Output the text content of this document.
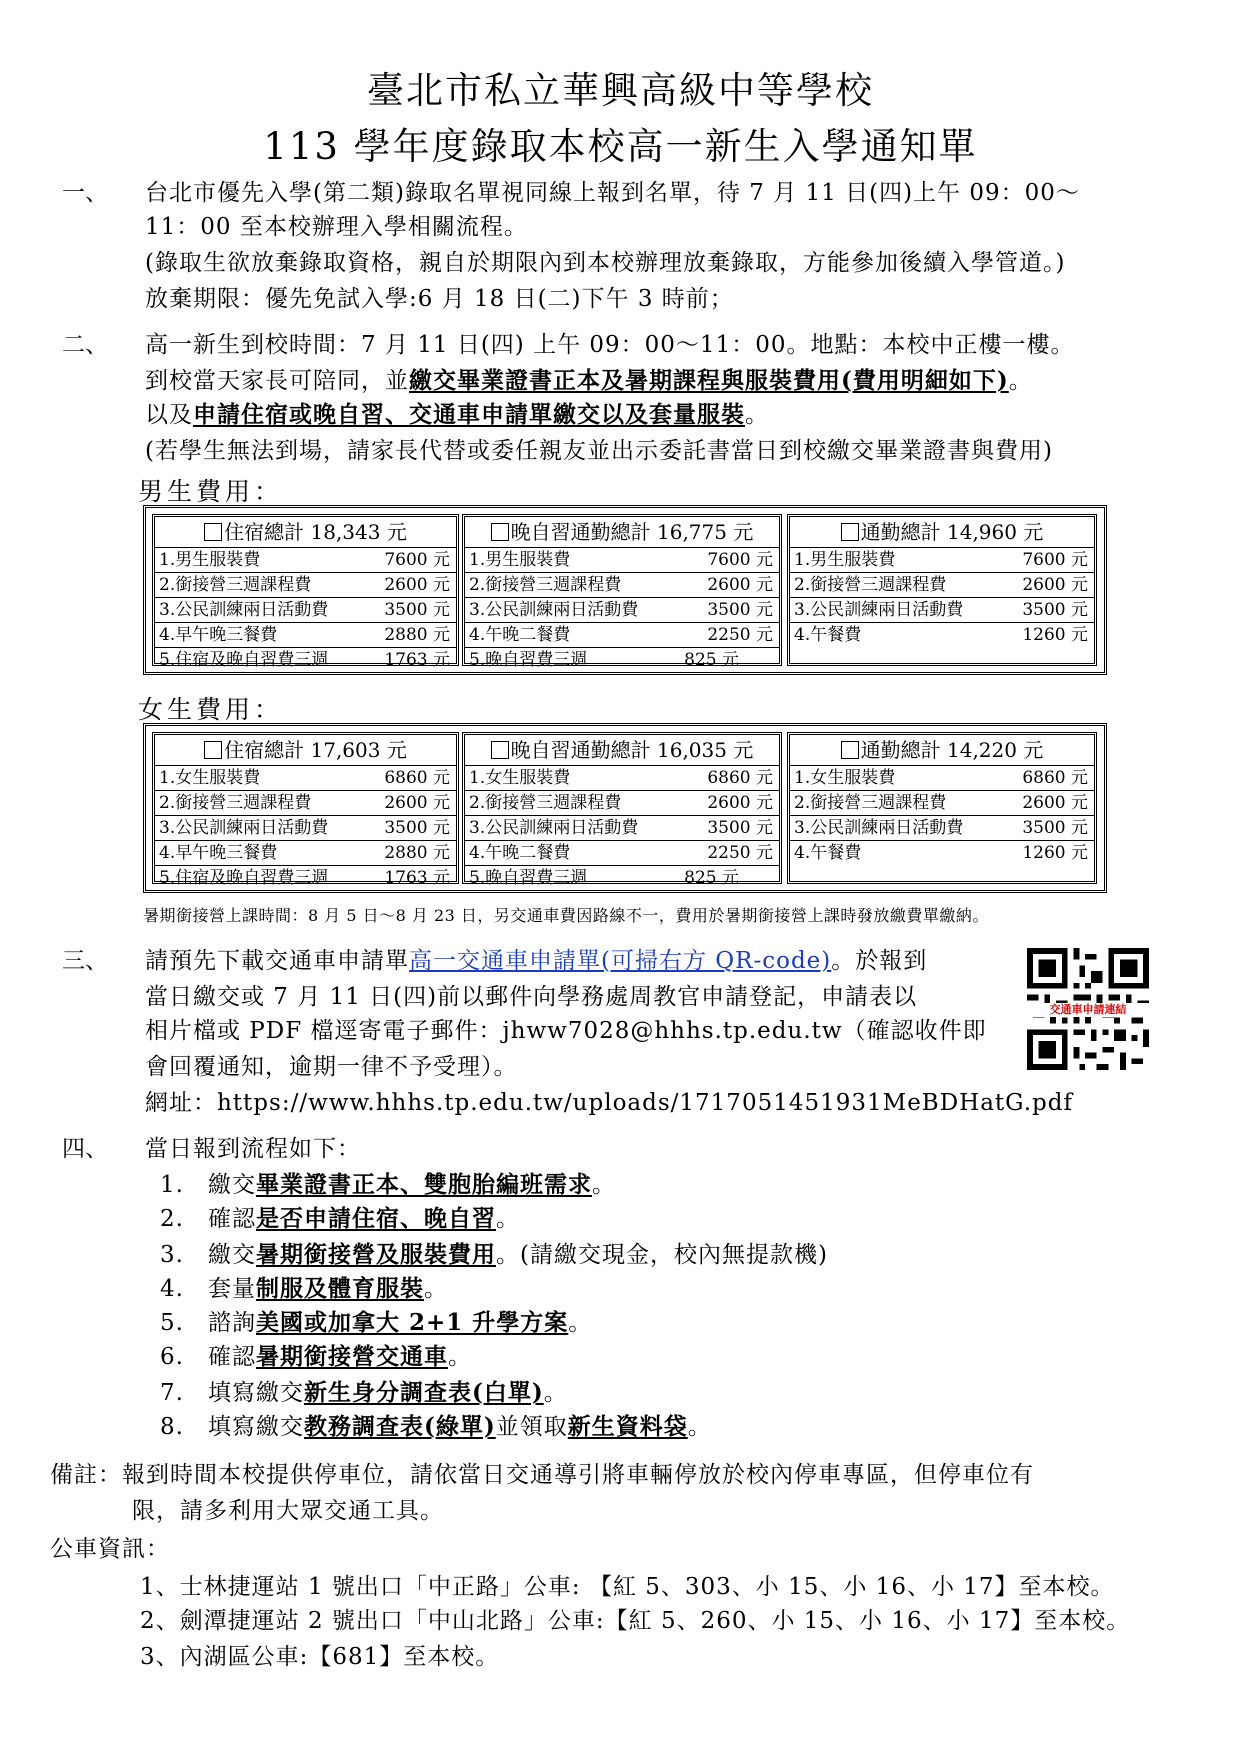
臺北市私立華興高級中等學校
113 學年度錄取本校高一新生入學通知單
一、 台北市優先入學(第二類)錄取名單視同線上報到名單，待 7 月 11 日(四)上午 09：00～
11：00 至本校辦理入學相關流程。
(錄取生欲放棄錄取資格，親自於期限內到本校辦理放棄錄取，方能參加後續入學管道。)
放棄期限：優先免試入學:6 月 18 日(二)下午 3 時前；
二、 高一新生到校時間：7 月 11 日(四) 上午 09：00～11：00。地點：本校中正樓一樓。
到校當天家長可陪同，並繳交畢業證書正本及暑期課程與服裝費用(費用明細如下)。
以及申請住宿或晚自習、交通車申請單繳交以及套量服裝。
(若學生無法到場，請家長代替或委任親友並出示委託書當日到校繳交畢業證書與費用)
男生費用：
住宿總計 18,343 元
1.男生服裝費	7600 元
2.銜接營三週課程費	2600 元
3.公民訓練兩日活動費	3500 元
4.早午晚三餐費	2880 元
5.住宿及晚自習費三週	1763 元
晚自習通勤總計 16,775 元
1.男生服裝費	7600 元
2.銜接營三週課程費	2600 元
3.公民訓練兩日活動費	3500 元
4.午晚二餐費	2250 元
5.晚自習費三週	825 元
通勤總計 14,960 元
1.男生服裝費	7600 元
2.銜接營三週課程費	2600 元
3.公民訓練兩日活動費	3500 元
4.午餐費	1260 元
女生費用：
住宿總計 17,603 元
1.女生服裝費	6860 元
2.銜接營三週課程費	2600 元
3.公民訓練兩日活動費	3500 元
4.早午晚三餐費	2880 元
5.住宿及晚自習費三週	1763 元
晚自習通勤總計 16,035 元
1.女生服裝費	6860 元
2.銜接營三週課程費	2600 元
3.公民訓練兩日活動費	3500 元
4.午晚二餐費	2250 元
5.晚自習費三週	825 元
通勤總計 14,220 元
1.女生服裝費	6860 元
2.銜接營三週課程費	2600 元
3.公民訓練兩日活動費	3500 元
4.午餐費	1260 元
暑期銜接營上課時間：8 月 5 日～8 月 23 日，另交通車費因路線不一，費用於暑期銜接營上課時發放繳費單繳納。
三、 請預先下載交通車申請單高一交通車申請單(可掃右方 QR-code)。於報到
當日繳交或 7 月 11 日(四)前以郵件向學務處周教官申請登記，申請表以
相片檔或 PDF 檔逕寄電子郵件：jhww7028@hhhs.tp.edu.tw（確認收件即
會回覆通知，逾期一律不予受理）。
網址：https://www.hhhs.tp.edu.tw/uploads/1717051451931MeBDHatG.pdf
交通車申請連結
四、 當日報到流程如下：
1. 繳交畢業證書正本、雙胞胎編班需求。
2. 確認是否申請住宿、晚自習。
3. 繳交暑期銜接營及服裝費用。(請繳交現金，校內無提款機)
4. 套量制服及體育服裝。
5. 諮詢美國或加拿大 2+1 升學方案。
6. 確認暑期銜接營交通車。
7. 填寫繳交新生身分調查表(白單)。
8. 填寫繳交教務調查表(綠單)並領取新生資料袋。
備註：報到時間本校提供停車位，請依當日交通導引將車輛停放於校內停車專區，但停車位有
限，請多利用大眾交通工具。
公車資訊：
1、士林捷運站 1 號出口「中正路」公車: 【紅 5、303、小 15、小 16、小 17】至本校。
2、劍潭捷運站 2 號出口「中山北路」公車:【紅 5、260、小 15、小 16、小 17】至本校。
3、內湖區公車:【681】至本校。
